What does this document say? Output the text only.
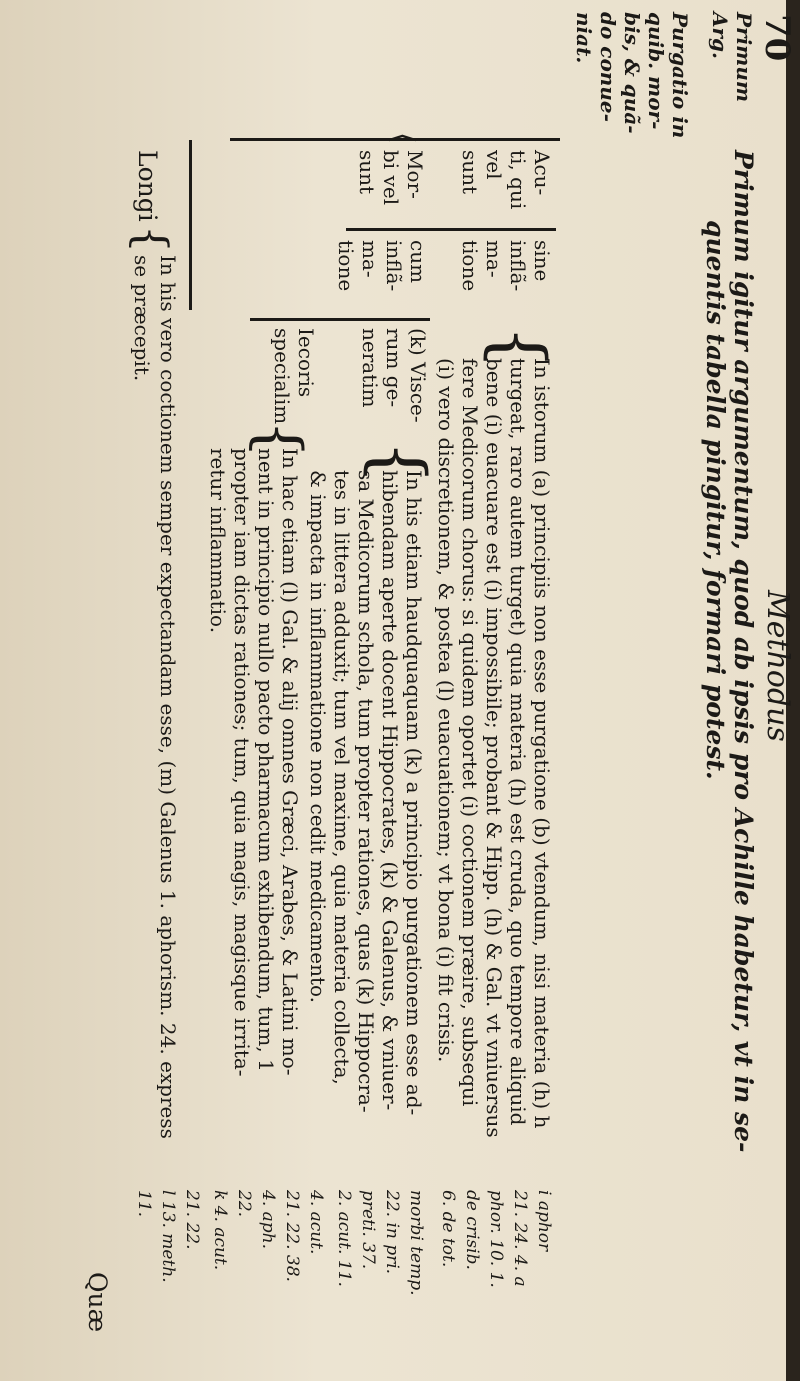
70
Methodus
Primum
Arg.
Primum igitur argumentum, quod ab ipsis pro Achille habetur, vt in se-
quentis tabella pingitur, formari potest.
Purgatio in
quib. mor-
bis, & quã-
do conue-
niat.
⟨
Acu-
ti, qui
vel
sunt
Mor-
bi vel
sunt
sine
inflã-
ma-
tione
cum
inflã-
ma-
tione
(k) Visce-
rum ge-
neratim
Iecoris
specialim	{
In istorum (a) principiis non esse purgatione (b) vtendum, nisi materia (h) h
turgeat, raro autem turget) quia materia (h) est cruda, quo tempore aliquid
bene (i) euacuare est (i) impossibile; probant & Hipp. (h) & Gal. vt vniuersus
fere Medicorum chorus: si quidem oportet (i) coctionem præire, subsequi
(i) vero discretionem, & postea (l) euacuationem; vt bona (i) fit crisis.
{
In his etiam haudquaquam (k) a principio purgationem esse ad-
hibendam aperte docent Hippocrates, (k) & Galenus, & vniuer-
sa Medicorum schola, tum propter rationes, quas (k) Hippocra-
tes in littera adduxit; tum vel maxime, quia materia collecta,
& impacta in inflammatione non cedit medicamento.
{
In hac etiam (l) Gal. & alij omnes Græci, Arabes, & Latini mo-
nent in principio nullo pacto pharmacum exhibendum, tum, 1
propter iam dictas rationes; tum, quia magis, magisque irrita-
retur inflammatio.
Longi
{
In his vero coctionem semper expectandam esse, (m) Galenus 1. aphorism. 24. express
se præcepit.
i aphor
21. 24. 4. a
phor. 10. 1.
de crisib.
6. de tot.
morbi temp.
22. in pri.
preti. 37.
2. acut. 11.
4. acut.
21. 22. 38.
4. aph.
22.
k 4. acut.
21. 22.
l 13. meth.
11.
Quæ
